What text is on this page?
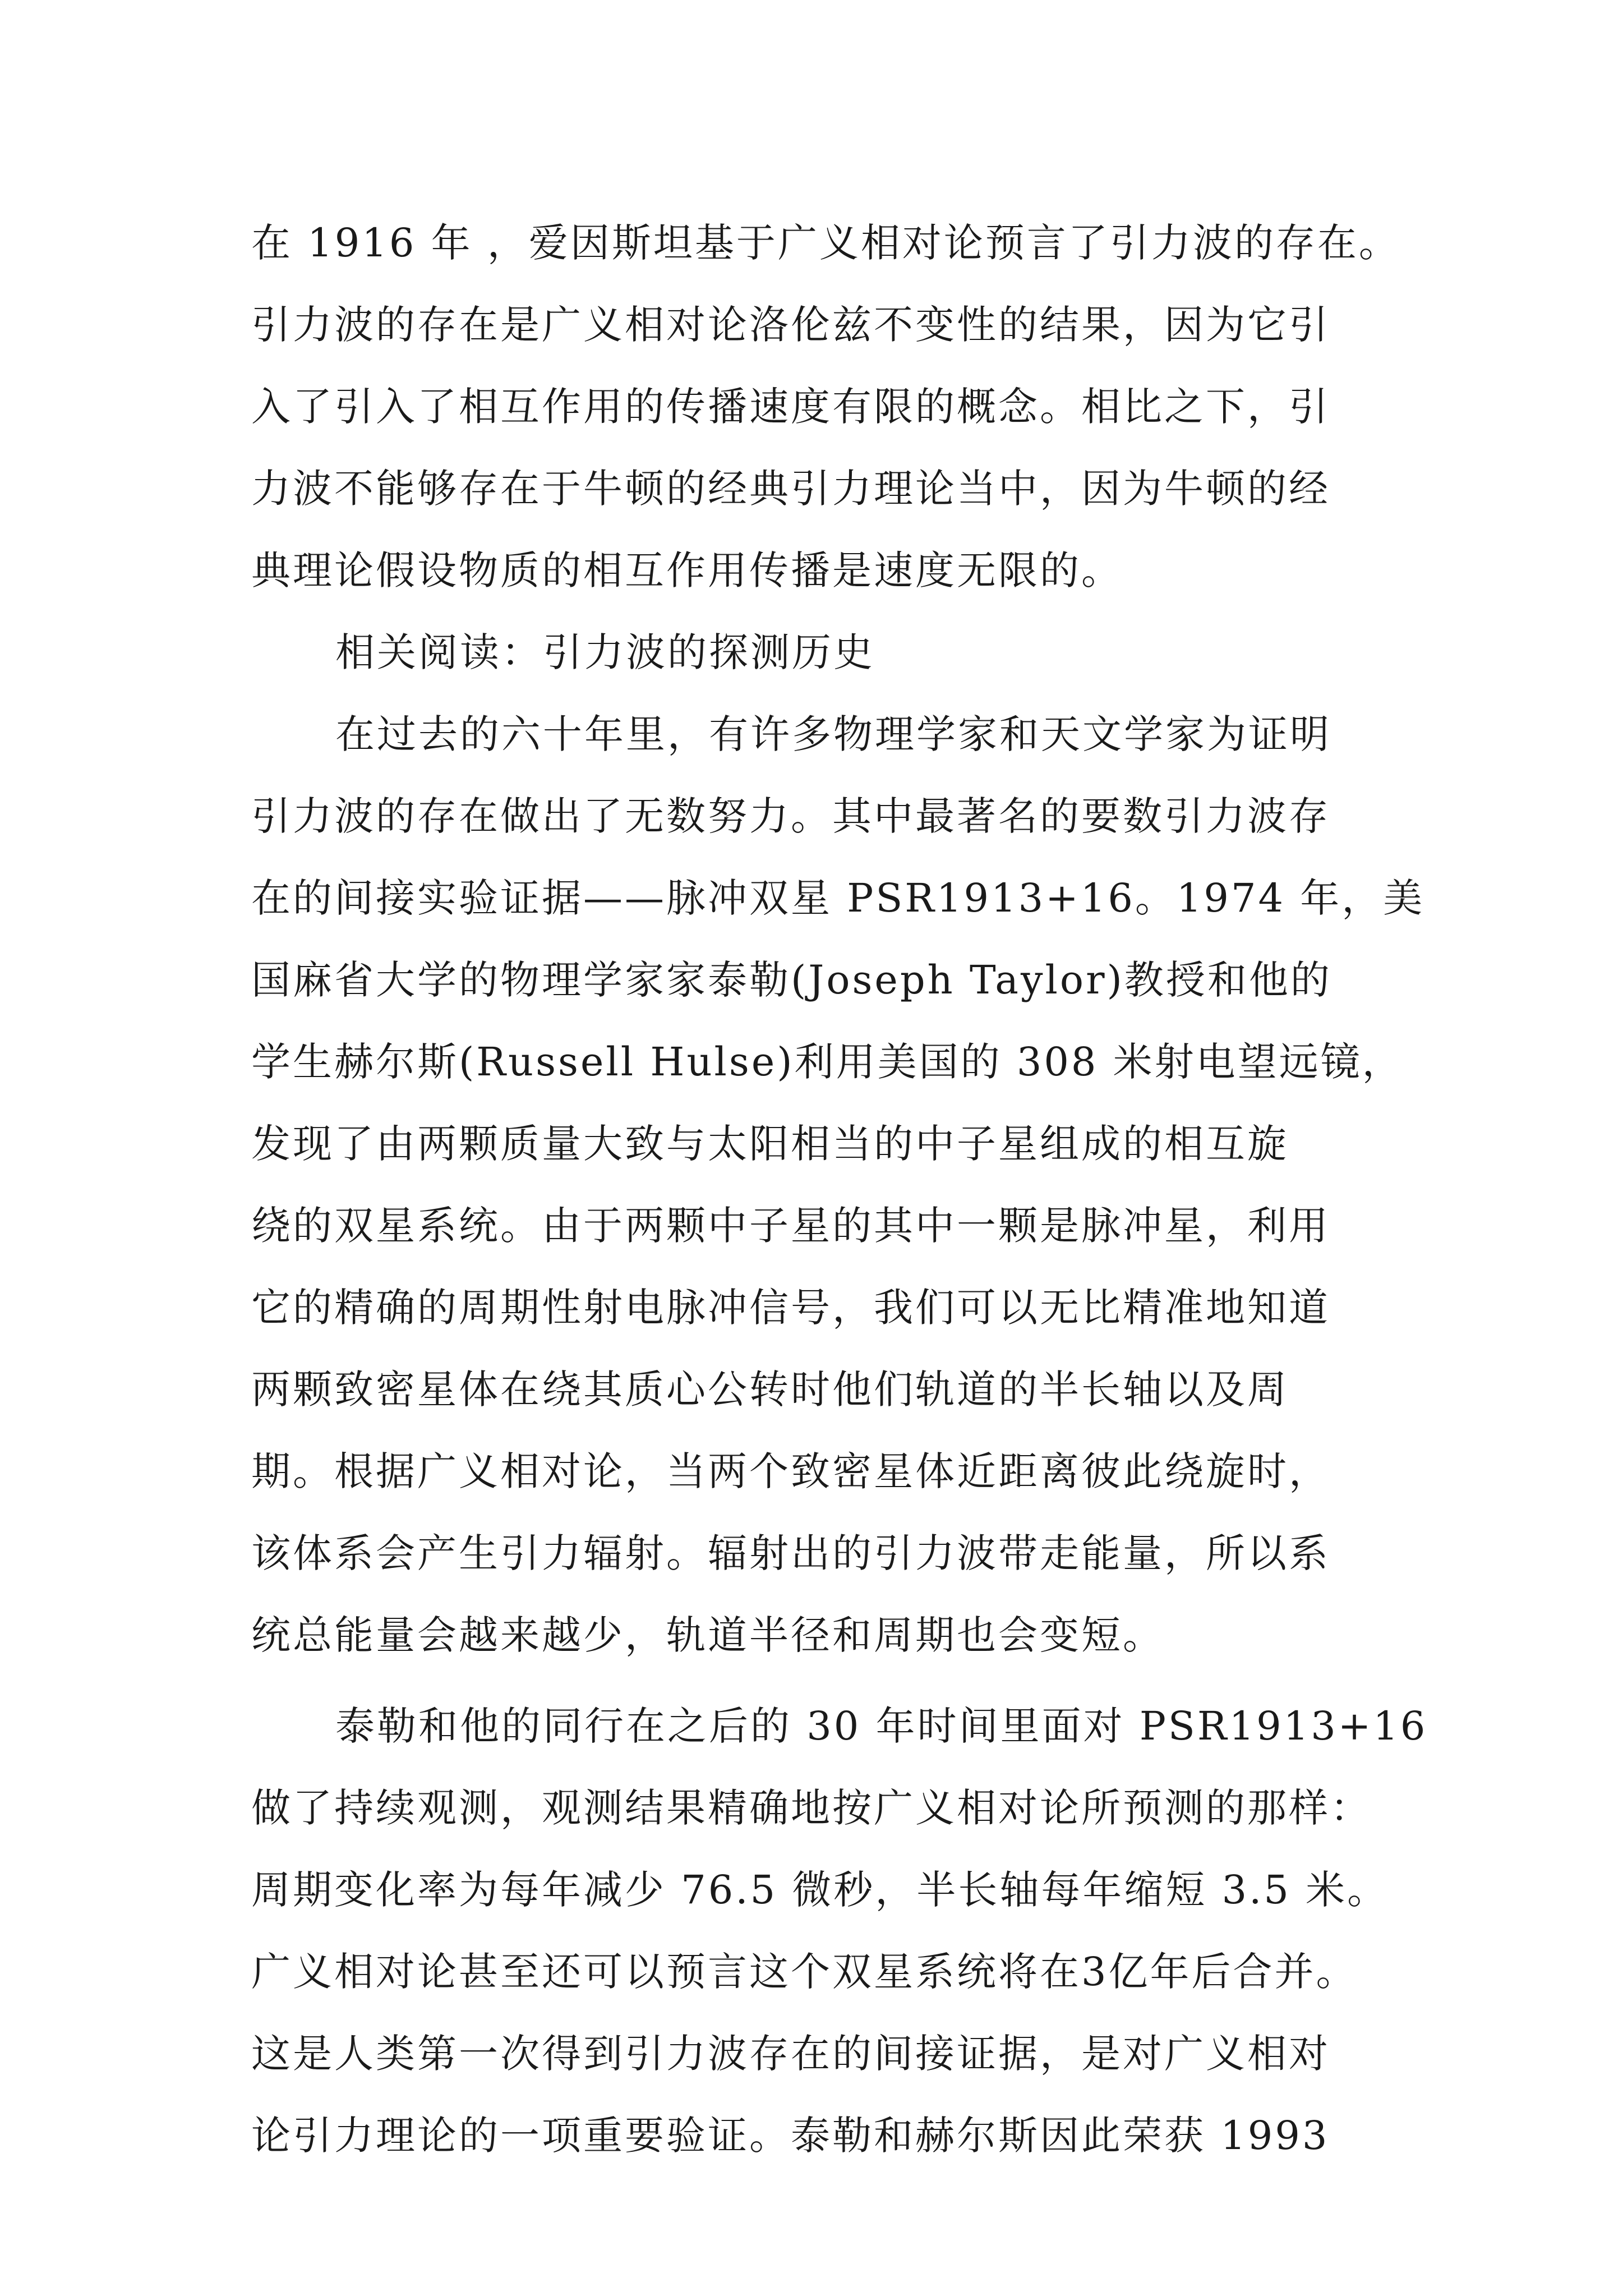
在 1916 年 ，爱因斯坦基于广义相对论预言了引力波的存在。
引力波的存在是广义相对论洛伦兹不变性的结果，因为它引
入了引入了相互作用的传播速度有限的概念。相比之下，引
力波不能够存在于牛顿的经典引力理论当中，因为牛顿的经
典理论假设物质的相互作用传播是速度无限的。
相关阅读：引力波的探测历史
在过去的六十年里，有许多物理学家和天文学家为证明
引力波的存在做出了无数努力。其中最著名的要数引力波存
在的间接实验证据——脉冲双星 PSR1913+16。1974 年，美
国麻省大学的物理学家家泰勒(Joseph Taylor)教授和他的
学生赫尔斯(Russell Hulse)利用美国的 308 米射电望远镜，
发现了由两颗质量大致与太阳相当的中子星组成的相互旋
绕的双星系统。由于两颗中子星的其中一颗是脉冲星，利用
它的精确的周期性射电脉冲信号，我们可以无比精准地知道
两颗致密星体在绕其质心公转时他们轨道的半长轴以及周
期。根据广义相对论，当两个致密星体近距离彼此绕旋时，
该体系会产生引力辐射。辐射出的引力波带走能量，所以系
统总能量会越来越少，轨道半径和周期也会变短。
泰勒和他的同行在之后的 30 年时间里面对 PSR1913+16
做了持续观测，观测结果精确地按广义相对论所预测的那样：
周期变化率为每年减少 76.5 微秒，半长轴每年缩短 3.5 米。
广义相对论甚至还可以预言这个双星系统将在3亿年后合并。
这是人类第一次得到引力波存在的间接证据，是对广义相对
论引力理论的一项重要验证。泰勒和赫尔斯因此荣获 1993
